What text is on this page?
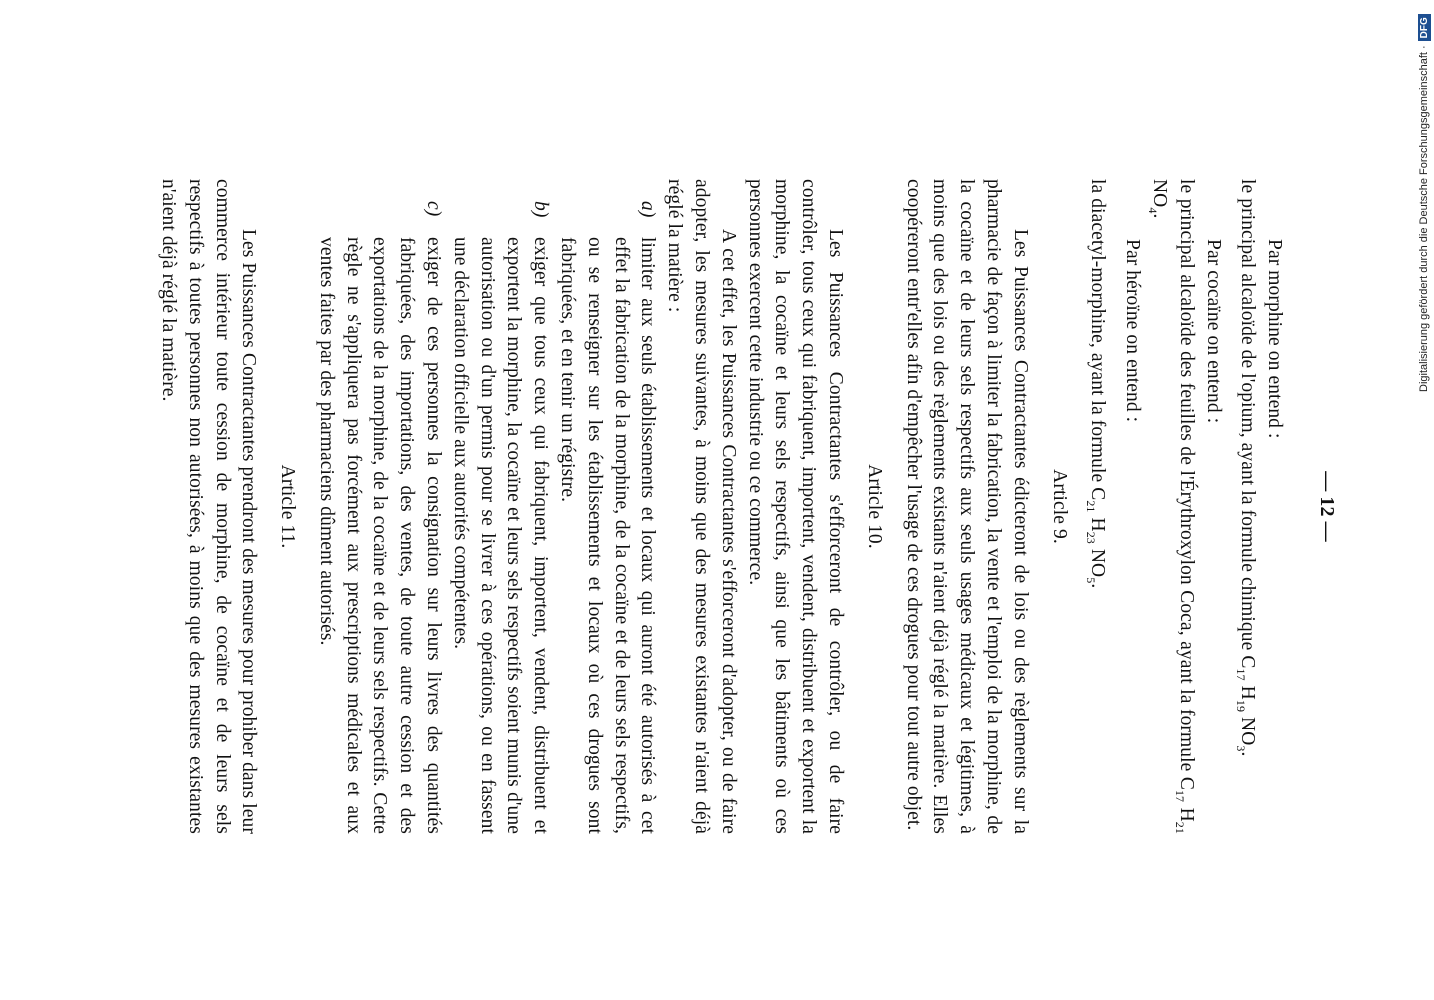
— 12 —

Par morphine on entend :

le principal alcaloïde de l'opium, ayant la formule chimique $C_{17}$ $H_{19}$ $NO_3$.

Par cocaïne on entend :

le principal alcaloïde des feuilles de l'Érythroxylon Coca, ayant la formule $C_{17}$ $H_{21}$ $NO_4$.

Par héroïne on entend :

la diacetyl-morphine, ayant la formule $C_{21}$ $H_{23}$ $NO_5$.

Article 9.

Les Puissances Contractantes édicteront de lois ou des règlements sur la pharmacie de façon à limiter la fabrication, la vente et l'emploi de la morphine, de la cocaïne et de leurs sels respectifs aux seuls usages médicaux et légitimes, à moins que des lois ou des règlements existants n'aient déjà réglé la matière. Elles coopéreront entr'elles afin d'empêcher l'usage de ces drogues pour tout autre objet.

Article 10.

Les Puissances Contractantes s'efforceront de contrôler, ou de faire contrôler, tous ceux qui fabriquent, importent, vendent, distribuent et exportent la morphine, la cocaïne et leurs sels respectifs, ainsi que les bâtiments où ces personnes exercent cette industrie ou ce commerce.

A cet effet, les Puissances Contractantes s'efforceront d'adopter, ou de faire adopter, les mesures suivantes, à moins que des mesures existantes n'aient déjà réglé la matière :

a)
limiter aux seuls établissements et locaux qui auront été autorisés à cet effet la fabrication de la morphine, de la cocaïne et de leurs sels respectifs, ou se renseigner sur les établissements et locaux où ces drogues sont fabriquées, et en tenir un régistre.

b)
exiger que tous ceux qui fabriquent, importent, vendent, distribuent et exportent la morphine, la cocaïne et leurs sels respectifs soient munis d'une autorisation ou d'un permis pour se livrer à ces opérations, ou en fassent une déclaration officielle aux autorités compétentes.

c)
exiger de ces personnes la consignation sur leurs livres des quantités fabriquées, des importations, des ventes, de toute autre cession et des exportations de la morphine, de la cocaïne et de leurs sels respectifs. Cette règle ne s'appliquera pas forcément aux prescriptions médicales et aux ventes faites par des pharmaciens dûment autorisés.

Article 11.

Les Puissances Contractantes prendront des mesures pour prohiber dans leur commerce intérieur toute cession de morphine, de cocaïne et de leurs sels respectifs à toutes personnes non autorisées, à moins que des mesures existantes n'aient déjà réglé la matière.	Digitalisierung gefördert durch die Deutsche Forschungsgemeinschaft ·DFG
